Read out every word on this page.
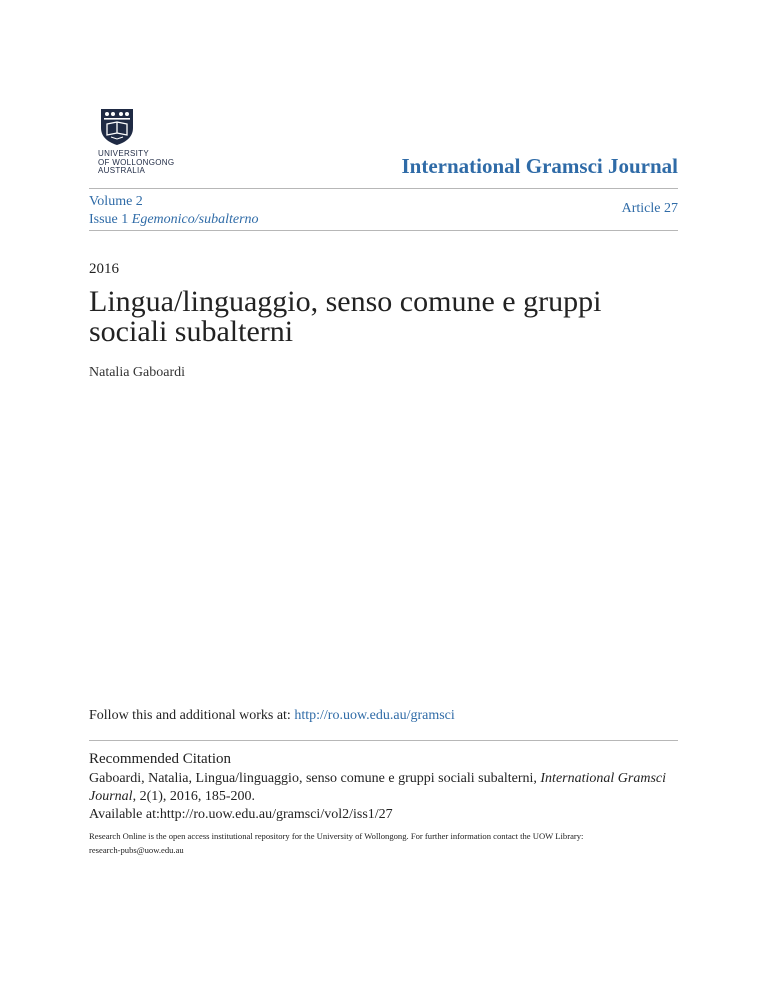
UNIVERSITY
OF WOLLONGONG
AUSTRALIA	International Gramsci Journal
Volume 2
Issue 1 Egemonico/subalterno
Article 27
2016
Lingua/linguaggio, senso comune e gruppi sociali subalterni
Natalia Gaboardi
Follow this and additional works at: http://ro.uow.edu.au/gramsci
Recommended Citation
Gaboardi, Natalia, Lingua/linguaggio, senso comune e gruppi sociali subalterni, International Gramsci Journal, 2(1), 2016, 185-200.
Available at:http://ro.uow.edu.au/gramsci/vol2/iss1/27
Research Online is the open access institutional repository for the University of Wollongong. For further information contact the UOW Library:
research-pubs@uow.edu.au
